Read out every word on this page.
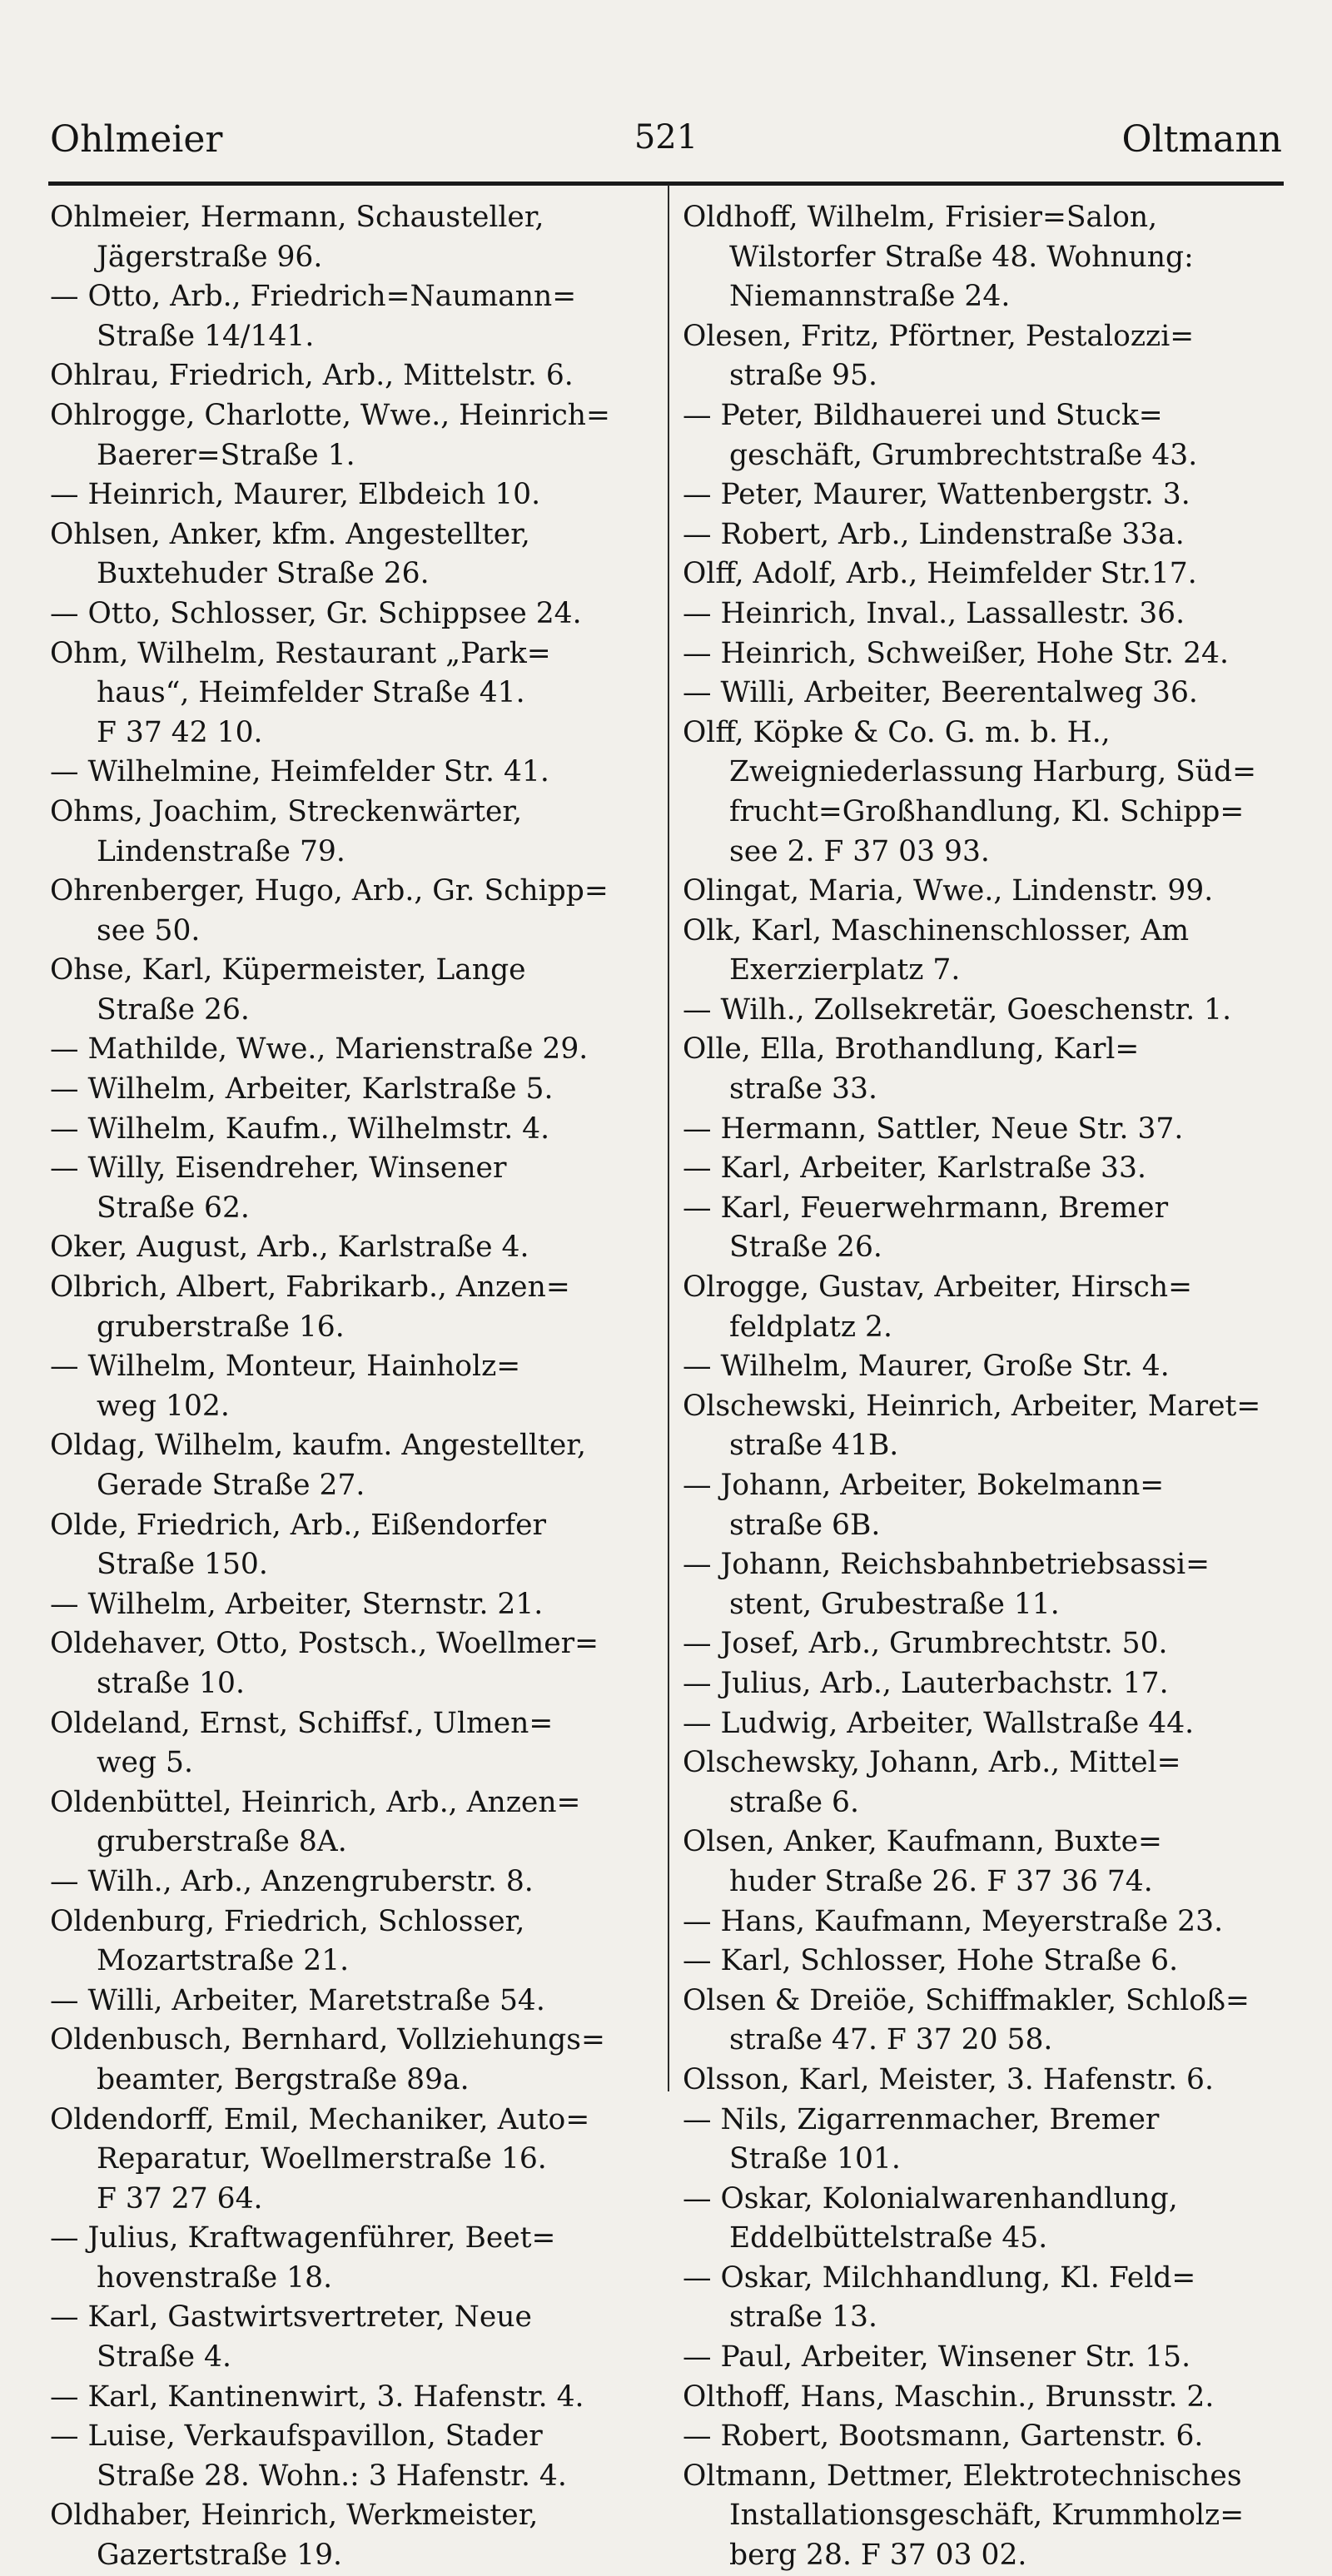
Ohlmeier	521	Oltmann
Ohlmeier, Hermann, Schausteller,
Jägerstraße 96.
— Otto, Arb., Friedrich=Naumann=
Straße 14/141.
Ohlrau, Friedrich, Arb., Mittelstr. 6.
Ohlrogge, Charlotte, Wwe., Heinrich=
Baerer=Straße 1.
— Heinrich, Maurer, Elbdeich 10.
Ohlsen, Anker, kfm. Angestellter,
Buxtehuder Straße 26.
— Otto, Schlosser, Gr. Schippsee 24.
Ohm, Wilhelm, Restaurant „Park=
haus“, Heimfelder Straße 41.
F 37 42 10.
— Wilhelmine, Heimfelder Str. 41.
Ohms, Joachim, Streckenwärter,
Lindenstraße 79.
Ohrenberger, Hugo, Arb., Gr. Schipp=
see 50.
Ohse, Karl, Küpermeister, Lange
Straße 26.
— Mathilde, Wwe., Marienstraße 29.
— Wilhelm, Arbeiter, Karlstraße 5.
— Wilhelm, Kaufm., Wilhelmstr. 4.
— Willy, Eisendreher, Winsener
Straße 62.
Oker, August, Arb., Karlstraße 4.
Olbrich, Albert, Fabrikarb., Anzen=
gruberstraße 16.
— Wilhelm, Monteur, Hainholz=
weg 102.
Oldag, Wilhelm, kaufm. Angestellter,
Gerade Straße 27.
Olde, Friedrich, Arb., Eißendorfer
Straße 150.
— Wilhelm, Arbeiter, Sternstr. 21.
Oldehaver, Otto, Postsch., Woellmer=
straße 10.
Oldeland, Ernst, Schiffsf., Ulmen=
weg 5.
Oldenbüttel, Heinrich, Arb., Anzen=
gruberstraße 8A.
— Wilh., Arb., Anzengruberstr. 8.
Oldenburg, Friedrich, Schlosser,
Mozartstraße 21.
— Willi, Arbeiter, Maretstraße 54.
Oldenbusch, Bernhard, Vollziehungs=
beamter, Bergstraße 89a.
Oldendorff, Emil, Mechaniker, Auto=
Reparatur, Woellmerstraße 16.
F 37 27 64.
— Julius, Kraftwagenführer, Beet=
hovenstraße 18.
— Karl, Gastwirtsvertreter, Neue
Straße 4.
— Karl, Kantinenwirt, 3. Hafenstr. 4.
— Luise, Verkaufspavillon, Stader
Straße 28. Wohn.: 3 Hafenstr. 4.
Oldhaber, Heinrich, Werkmeister,
Gazertstraße 19.
Oldhoff, Wilhelm, Frisier=Salon,
Wilstorfer Straße 48. Wohnung:
Niemannstraße 24.
Olesen, Fritz, Pförtner, Pestalozzi=
straße 95.
— Peter, Bildhauerei und Stuck=
geschäft, Grumbrechtstraße 43.
— Peter, Maurer, Wattenbergstr. 3.
— Robert, Arb., Lindenstraße 33a.
Olff, Adolf, Arb., Heimfelder Str.17.
— Heinrich, Inval., Lassallestr. 36.
— Heinrich, Schweißer, Hohe Str. 24.
— Willi, Arbeiter, Beerentalweg 36.
Olff, Köpke & Co. G. m. b. H.,
Zweigniederlassung Harburg, Süd=
frucht=Großhandlung, Kl. Schipp=
see 2. F 37 03 93.
Olingat, Maria, Wwe., Lindenstr. 99.
Olk, Karl, Maschinenschlosser, Am
Exerzierplatz 7.
— Wilh., Zollsekretär, Goeschenstr. 1.
Olle, Ella, Brothandlung, Karl=
straße 33.
— Hermann, Sattler, Neue Str. 37.
— Karl, Arbeiter, Karlstraße 33.
— Karl, Feuerwehrmann, Bremer
Straße 26.
Olrogge, Gustav, Arbeiter, Hirsch=
feldplatz 2.
— Wilhelm, Maurer, Große Str. 4.
Olschewski, Heinrich, Arbeiter, Maret=
straße 41B.
— Johann, Arbeiter, Bokelmann=
straße 6B.
— Johann, Reichsbahnbetriebsassi=
stent, Grubestraße 11.
— Josef, Arb., Grumbrechtstr. 50.
— Julius, Arb., Lauterbachstr. 17.
— Ludwig, Arbeiter, Wallstraße 44.
Olschewsky, Johann, Arb., Mittel=
straße 6.
Olsen, Anker, Kaufmann, Buxte=
huder Straße 26. F 37 36 74.
— Hans, Kaufmann, Meyerstraße 23.
— Karl, Schlosser, Hohe Straße 6.
Olsen & Dreiöe, Schiffmakler, Schloß=
straße 47. F 37 20 58.
Olsson, Karl, Meister, 3. Hafenstr. 6.
— Nils, Zigarrenmacher, Bremer
Straße 101.
— Oskar, Kolonialwarenhandlung,
Eddelbüttelstraße 45.
— Oskar, Milchhandlung, Kl. Feld=
straße 13.
— Paul, Arbeiter, Winsener Str. 15.
Olthoff, Hans, Maschin., Brunsstr. 2.
— Robert, Bootsmann, Gartenstr. 6.
Oltmann, Dettmer, Elektrotechnisches
Installationsgeschäft, Krummholz=
berg 28. F 37 03 02.
